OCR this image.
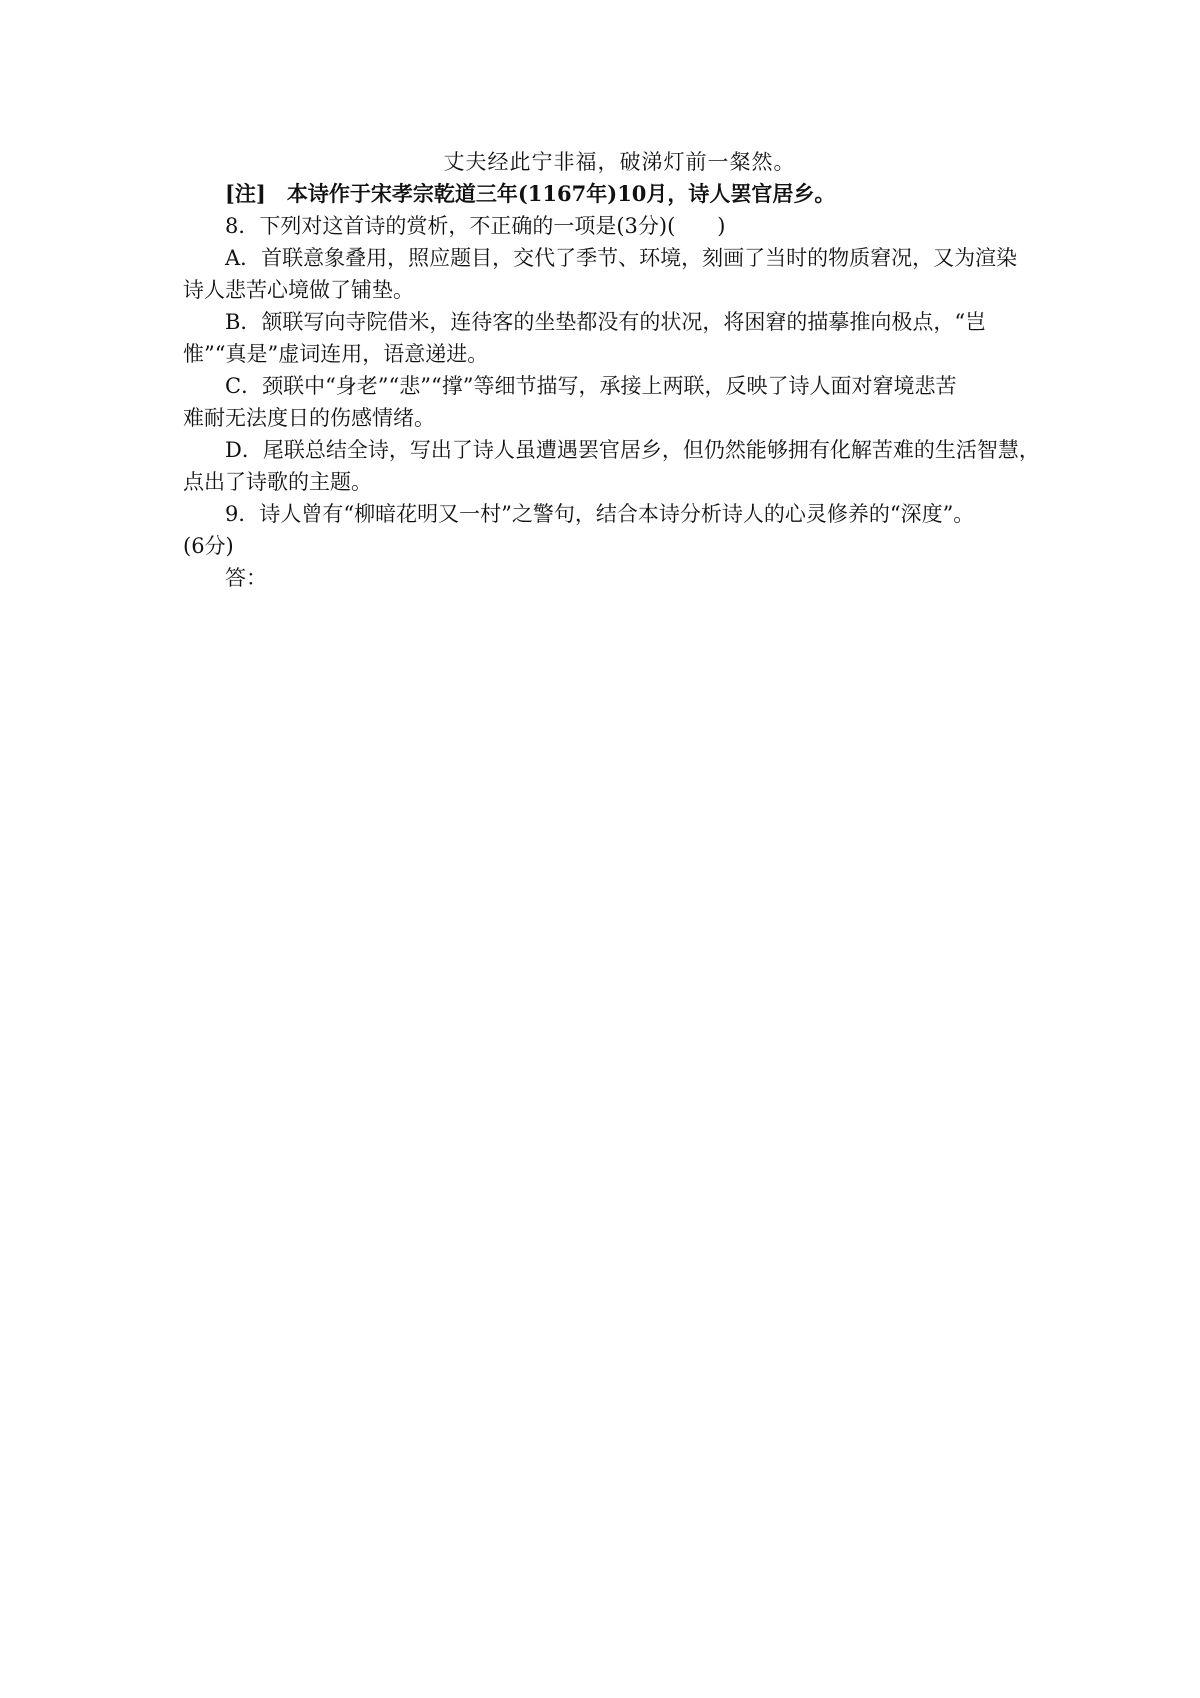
丈夫经此宁非福，破涕灯前一粲然。
[注]　本诗作于宋孝宗乾道三年(1167年)10月，诗人罢官居乡。
8．下列对这首诗的赏析，不正确的一项是(3分)(　　)
A．首联意象叠用，照应题目，交代了季节、环境，刻画了当时的物质窘况，又为渲染
诗人悲苦心境做了铺垫。
B．颔联写向寺院借米，连待客的坐垫都没有的状况，将困窘的描摹推向极点，“岂
惟”“真是”虚词连用，语意递进。
C．颈联中“身老”“悲”“撑”等细节描写，承接上两联，反映了诗人面对窘境悲苦
难耐无法度日的伤感情绪。
D．尾联总结全诗，写出了诗人虽遭遇罢官居乡，但仍然能够拥有化解苦难的生活智慧，
点出了诗歌的主题。
9．诗人曾有“柳暗花明又一村”之警句，结合本诗分析诗人的心灵修养的“深度”。
(6分)
答：
